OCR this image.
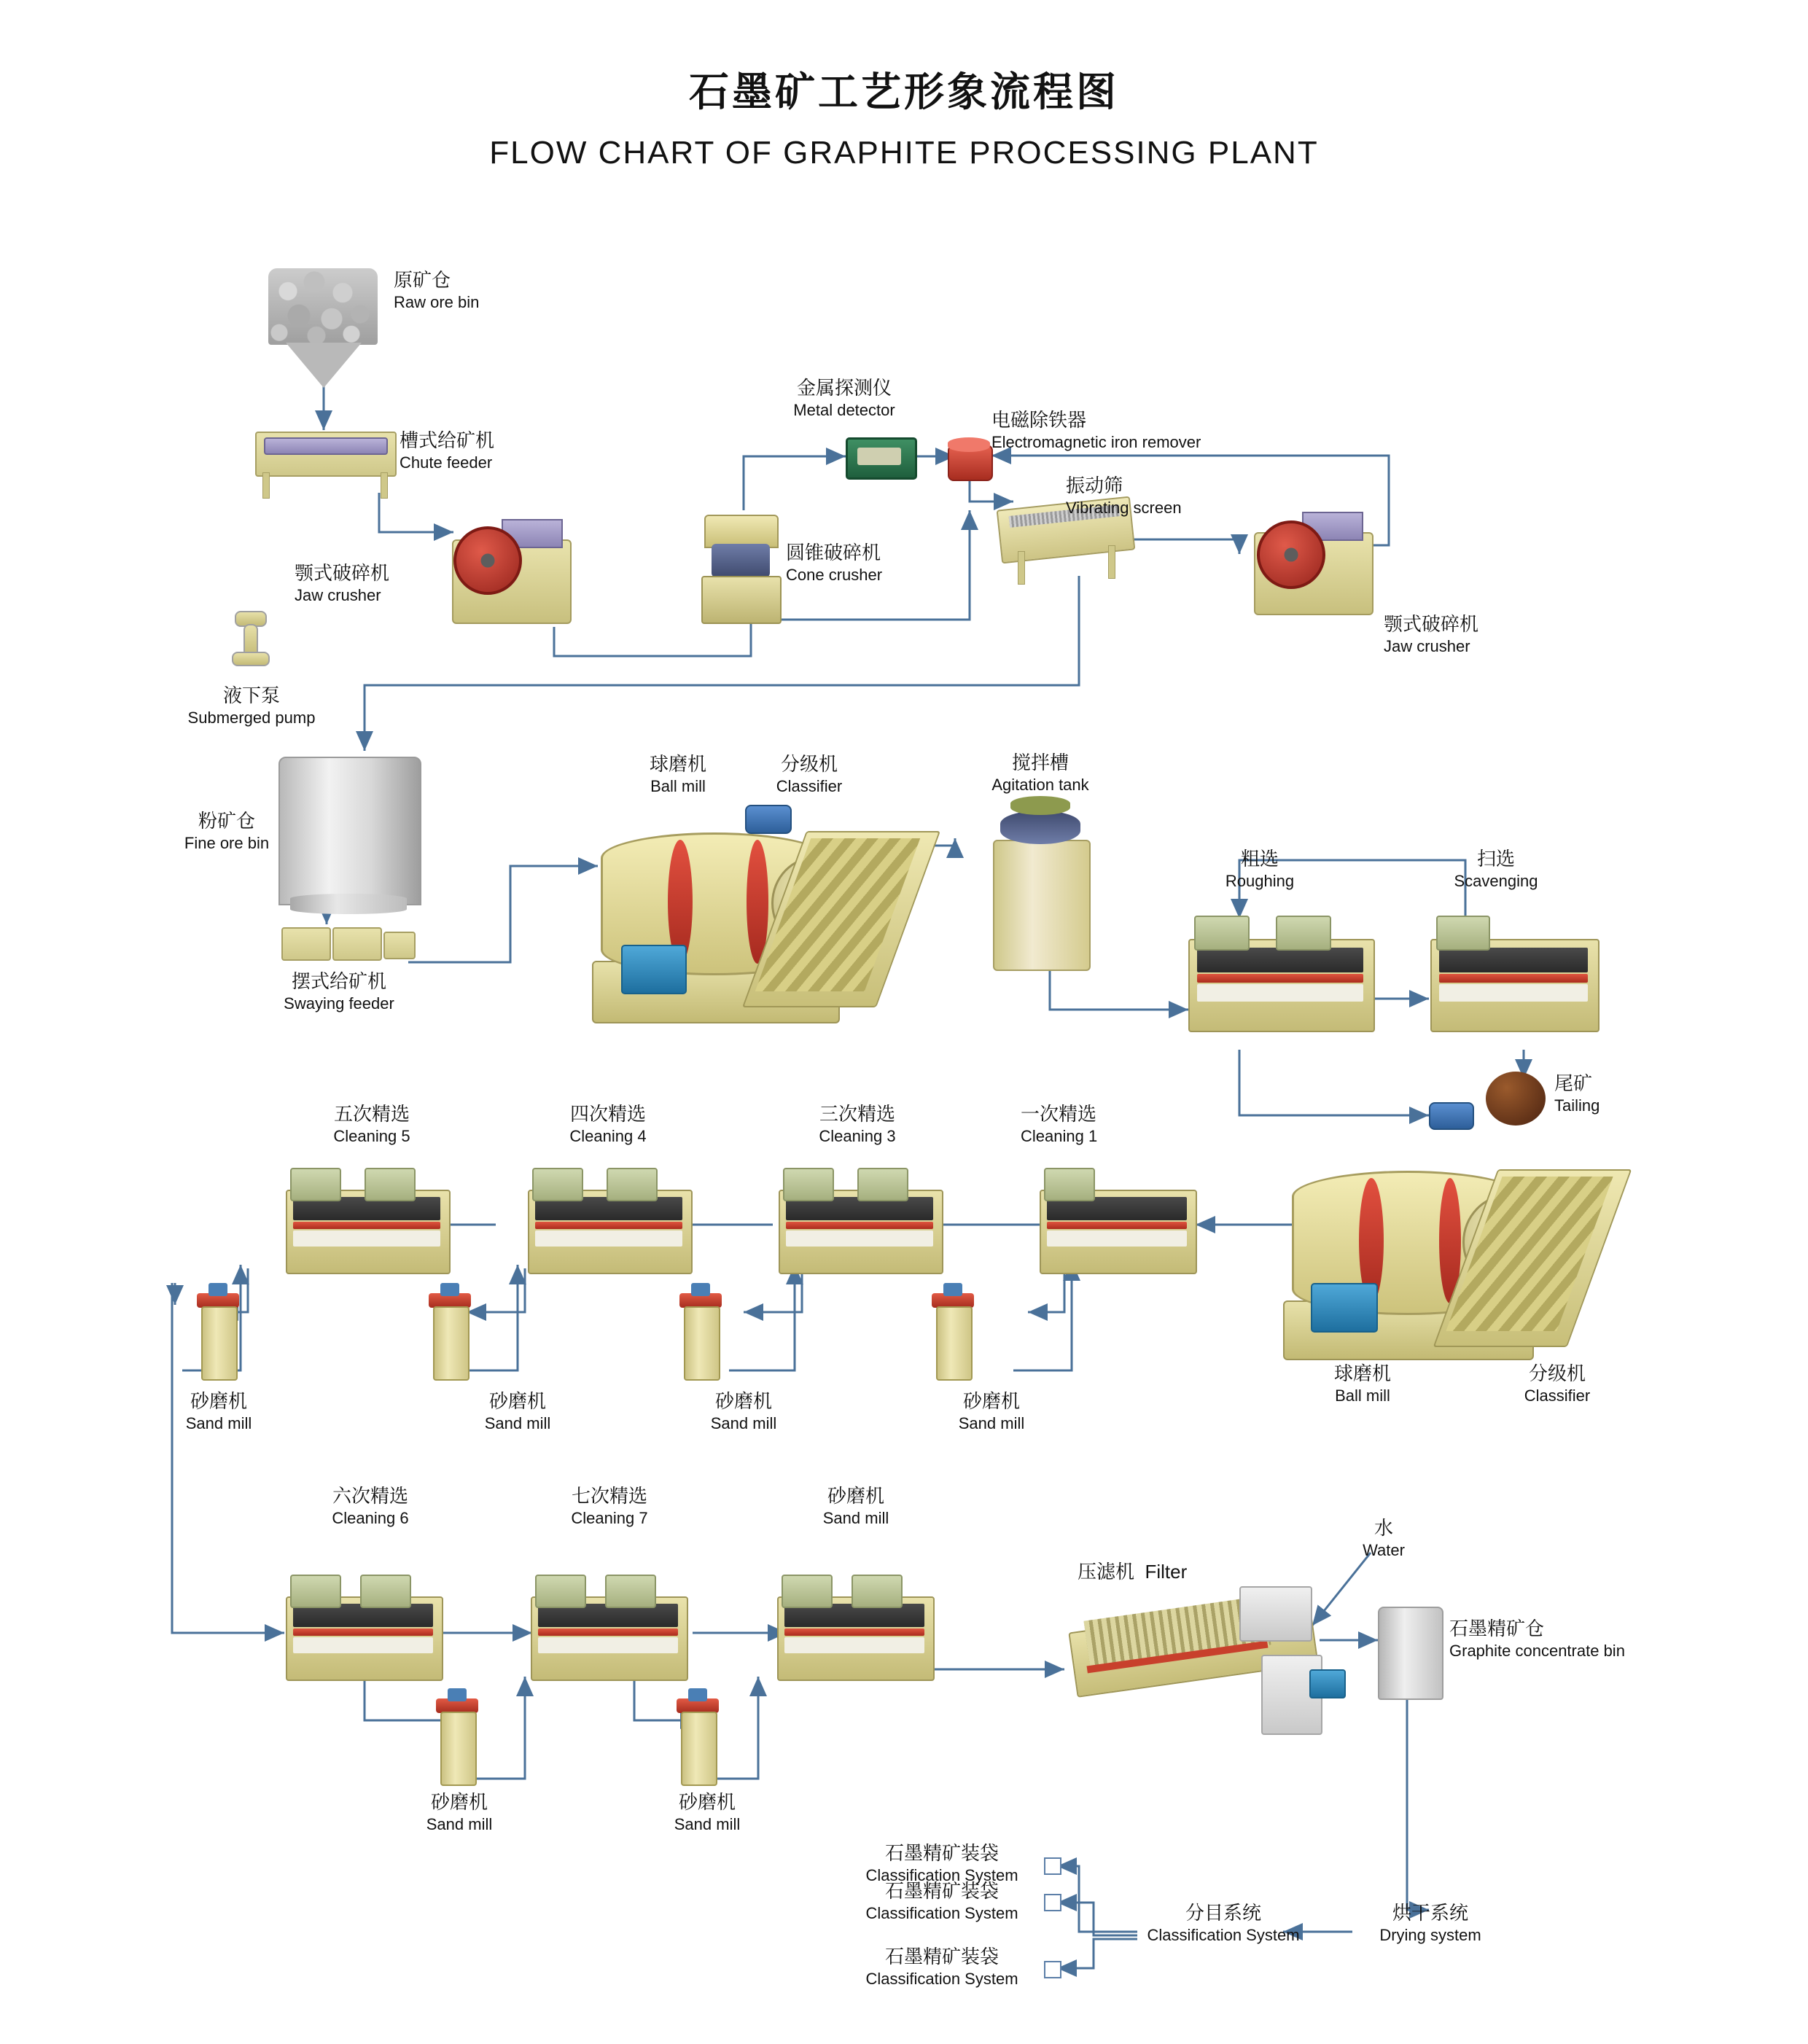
石墨矿工艺形象流程图
FLOW CHART OF GRAPHITE PROCESSING PLANT
原矿仓
Raw ore bin
槽式给矿机
Chute feeder
颚式破碎机
Jaw crusher
金属探测仪
Metal detector	电磁除铁器
Electromagnetic iron remover
振动筛
Vibrating screen
圆锥破碎机
Cone crusher
颚式破碎机
Jaw crusher
液下泵
Submerged pump
粉矿仓
Fine ore bin
摆式给矿机
Swaying feeder
球磨机
Ball mill
分级机
Classifier
搅拌槽
Agitation tank
粗选
Roughing
扫选
Scavenging
尾矿
Tailing
球磨机
Ball mill
分级机
Classifier
五次精选
Cleaning 5
四次精选
Cleaning 4
三次精选
Cleaning 3
一次精选
Cleaning 1
砂磨机
Sand mill
砂磨机
Sand mill
砂磨机
Sand mill
砂磨机
Sand mill
六次精选
Cleaning 6
七次精选
Cleaning 7
砂磨机
Sand mill
砂磨机
Sand mill
砂磨机
Sand mill
压滤机 Filter
水
Water
石墨精矿仓
Graphite concentrate bin
烘干系统
Drying system
分目系统
Classification System
石墨精矿装袋
Classification System
石墨精矿装袋
Classification System
石墨精矿装袋
Classification System
